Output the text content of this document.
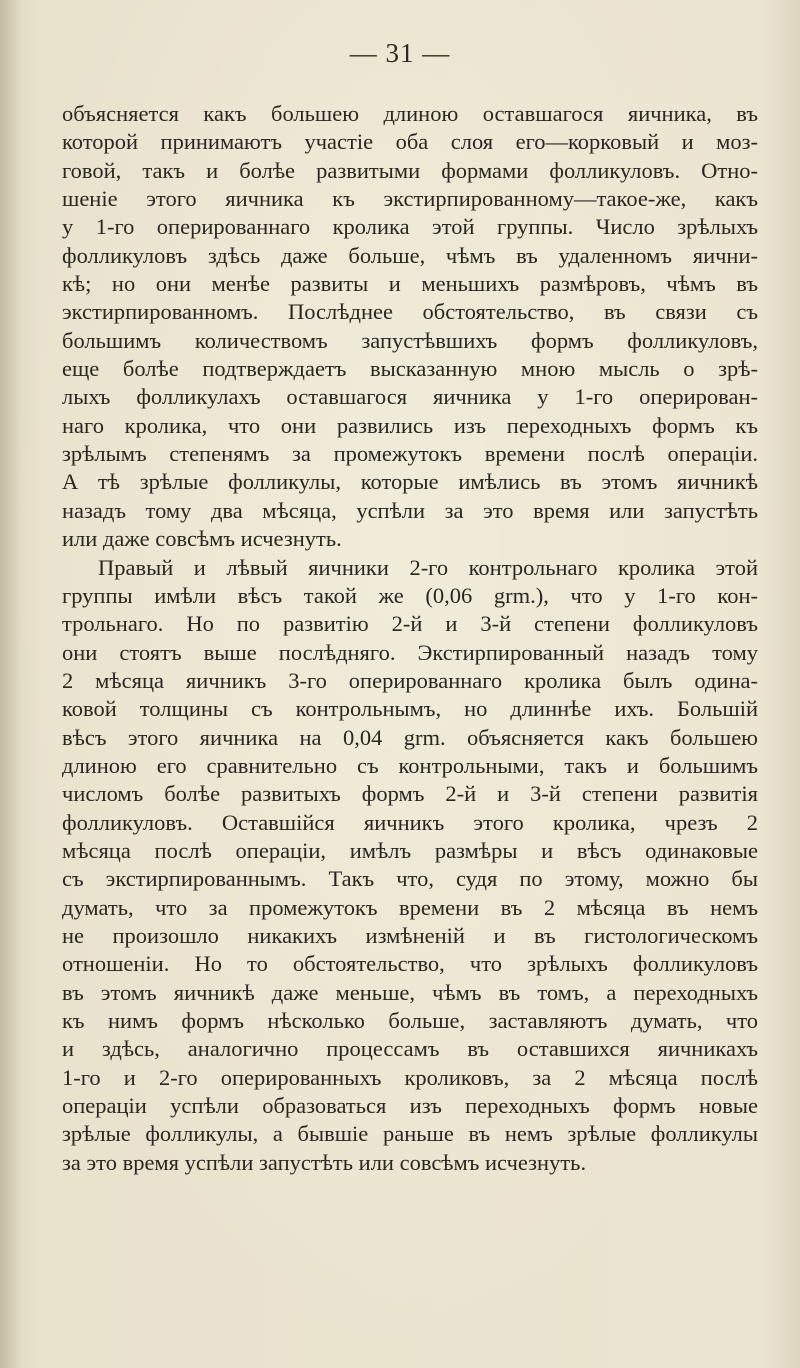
— 31 —
объясняется какъ большею длиною оставшагося яичника, въ
которой принимаютъ участіе оба слоя его—корковый и моз-
говой, такъ и болѣе развитыми формами фолликуловъ. Отно-
шеніе этого яичника къ экстирпированному—такое-же, какъ
у 1-го оперированнаго кролика этой группы. Число зрѣлыхъ
фолликуловъ здѣсь даже больше, чѣмъ въ удаленномъ яични-
кѣ; но они менѣе развиты и меньшихъ размѣровъ, чѣмъ въ
экстирпированномъ. Послѣднее обстоятельство, въ связи съ
большимъ количествомъ запустѣвшихъ формъ фолликуловъ,
еще болѣе подтверждаетъ высказанную мною мысль о зрѣ-
лыхъ фолликулахъ оставшагося яичника у 1-го оперирован-
наго кролика, что они развились изъ переходныхъ формъ къ
зрѣлымъ степенямъ за промежутокъ времени послѣ операціи.
А тѣ зрѣлые фолликулы, которые имѣлись въ этомъ яичникѣ
назадъ тому два мѣсяца, успѣли за это время или запустѣть
или даже совсѣмъ исчезнуть.
Правый и лѣвый яичники 2-го контрольнаго кролика этой
группы имѣли вѣсъ такой же (0,06 grm.), что у 1-го кон-
трольнаго. Но по развитію 2-й и 3-й степени фолликуловъ
они стоятъ выше послѣдняго. Экстирпированный назадъ тому
2 мѣсяца яичникъ 3-го оперированнаго кролика былъ одина-
ковой толщины съ контрольнымъ, но длиннѣе ихъ. Большій
вѣсъ этого яичника на 0,04 grm. объясняется какъ большею
длиною его сравнительно съ контрольными, такъ и большимъ
числомъ болѣе развитыхъ формъ 2-й и 3-й степени развитія
фолликуловъ. Оставшійся яичникъ этого кролика, чрезъ 2
мѣсяца послѣ операціи, имѣлъ размѣры и вѣсъ одинаковые
съ экстирпированнымъ. Такъ что, судя по этому, можно бы
думать, что за промежутокъ времени въ 2 мѣсяца въ немъ
не произошло никакихъ измѣненій и въ гистологическомъ
отношеніи. Но то обстоятельство, что зрѣлыхъ фолликуловъ
въ этомъ яичникѣ даже меньше, чѣмъ въ томъ, а переходныхъ
къ нимъ формъ нѣсколько больше, заставляютъ думать, что
и здѣсь, аналогично процессамъ въ оставшихся яичникахъ
1-го и 2-го оперированныхъ кроликовъ, за 2 мѣсяца послѣ
операціи успѣли образоваться изъ переходныхъ формъ новые
зрѣлые фолликулы, а бывшіе раньше въ немъ зрѣлые фолликулы
за это время успѣли запустѣть или совсѣмъ исчезнуть.
